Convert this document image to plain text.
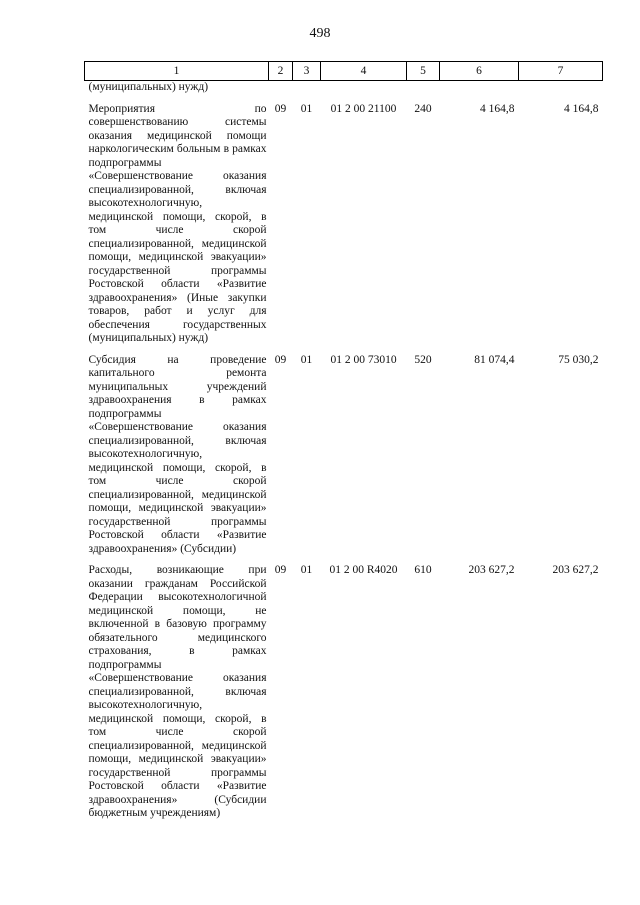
498
1	2	3	4	5	6	7
(муниципальных) нужд)						

Мероприятия по совершенствованию системы оказания медицинской помощи наркологическим больным в рамках подпрограммы «Совершенствование оказания специализированной, включая высокотехнологичную, медицинской помощи, скорой, в том числе скорой специализированной, медицинской помощи, медицинской эвакуации» государственной программы Ростовской области «Развитие здравоохранения» (Иные закупки товаров, работ и услуг для обеспечения государственных (муниципальных) нужд)	09	01	01 2 00 21100	240	4 164,8	4 164,8

Субсидия на проведение капитального ремонта муниципальных учреждений здравоохранения в рамках подпрограммы «Совершенствование оказания специализированной, включая высокотехнологичную, медицинской помощи, скорой, в том числе скорой специализированной, медицинской помощи, медицинской эвакуации» государственной программы Ростовской области «Развитие здравоохранения» (Субсидии)	09	01	01 2 00 73010	520	81 074,4	75 030,2

Расходы, возникающие при оказании гражданам Российской Федерации высокотехнологичной медицинской помощи, не включенной в базовую программу обязательного медицинского страхования, в рамках подпрограммы «Совершенствование оказания специализированной, включая высокотехнологичную, медицинской помощи, скорой, в том числе скорой специализированной, медицинской помощи, медицинской эвакуации» государственной программы Ростовской области «Развитие здравоохранения» (Субсидии бюджетным учреждениям)	09	01	01 2 00 R4020	610	203 627,2	203 627,2
